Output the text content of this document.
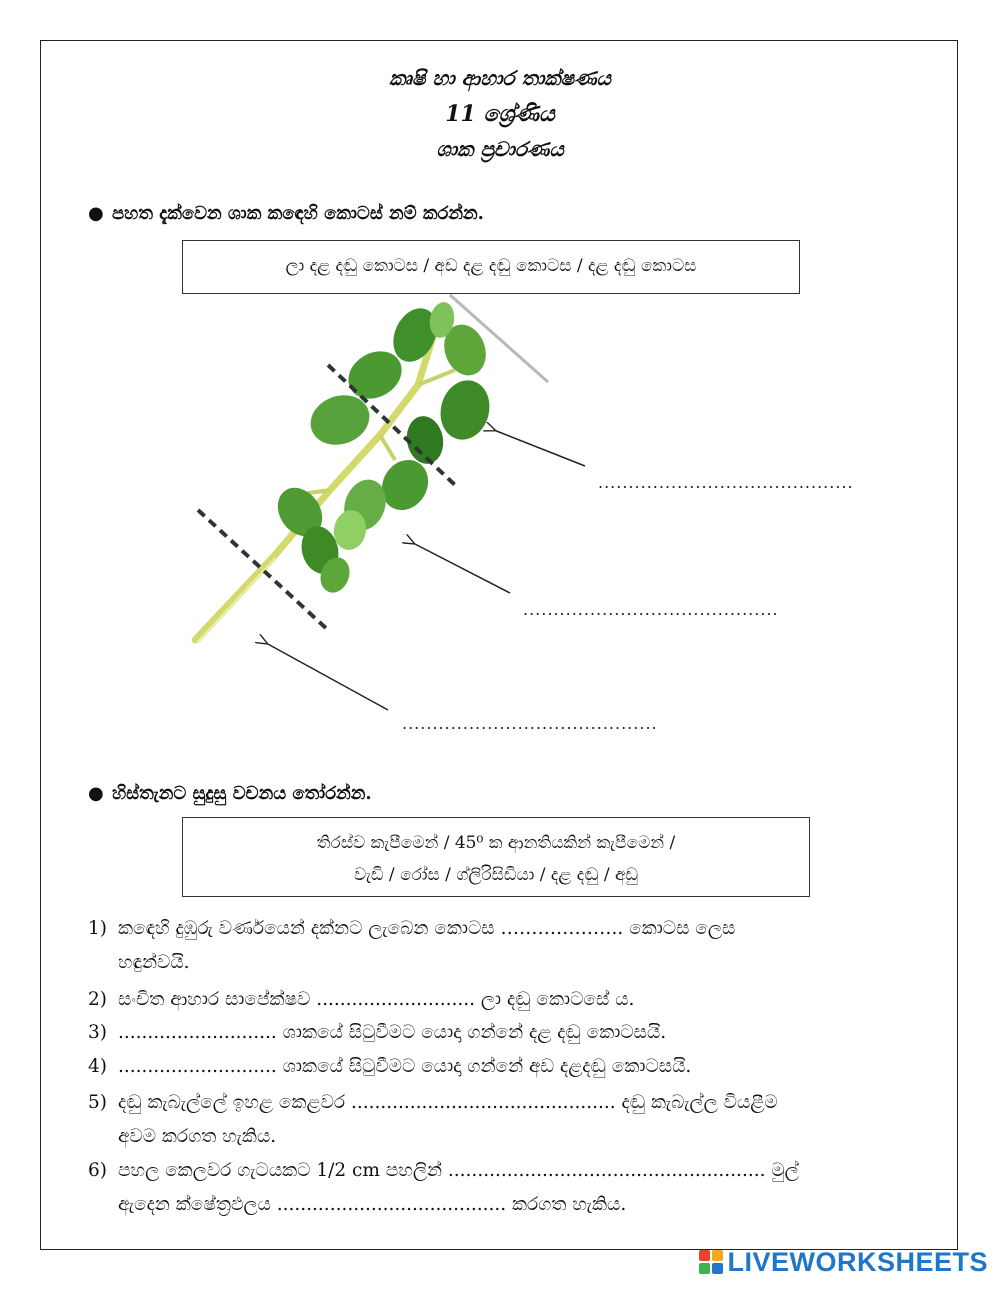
කෘෂි හා ආහාර තාක්ෂණය
11 ශ්‍රේණිය
ශාක ප්‍රචාරණය
● පහත දැක්වෙන ශාක කඳෙහි කොටස් නම් කරන්න.
ලා දළ දඬු කොටස / අඩ දළ දඬු කොටස / දළ දඬු කොටස
..........................................
..........................................
..........................................
● හිස්තැනට සුදුසු වචනය තෝරන්න.
තිරස්ව කැපීමෙන් / 45⁰ ක ආනතියකින් කැපීමෙන් /
වැඩි / රෝස / ග්ලිරිසිඩියා / දළ දඬු / අඩු
1) කඳෙහි දුඹුරු වර්ණයෙන් දක්නට ලැබෙන කොටස ……………….. කොටස ලෙස
හඳුන්වයි.
2) සංචිත ආහාර සාපේක්ෂව ........................... ලා දඬු කොටසේ ය.
3) ........................... ශාකයේ සිටුවීමට යොදා ගන්නේ දළ දඬු කොටසයි.
4) ........................... ශාකයේ සිටුවීමට යොදා ගන්නේ අඩ දළදඬු කොටසයි.
5) දඬු කැබැල්ලේ ඉහළ කෙළවර ............................................. දඬු කැබැල්ල වියළීම
අවම කරගත හැකිය.
6) පහල කෙලවර ගැටයකට 1/2 cm පහලින් ...................................................... මුල්
ඇදෙන ක්ෂේත්‍රඵලය ....................................... කරගත හැකිය.
LIVEWORKSHEETS
